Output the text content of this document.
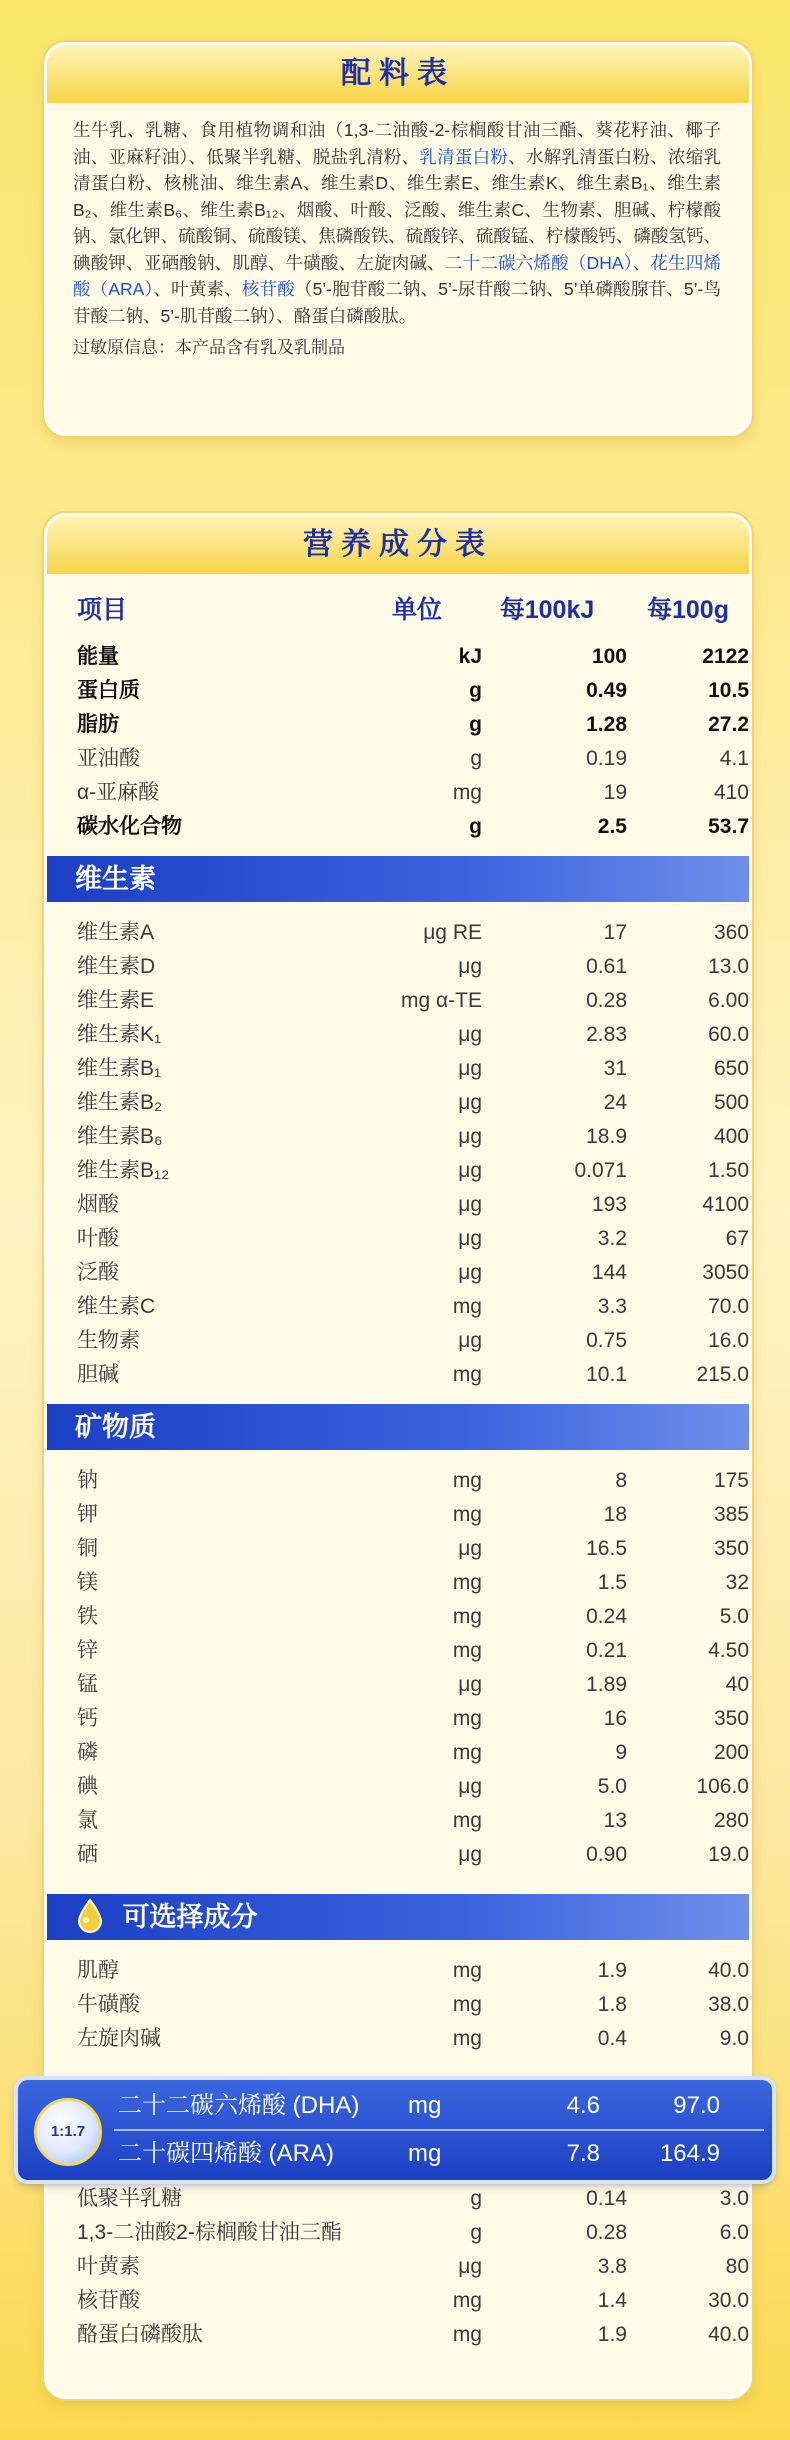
配料表
生牛乳、乳糖、食用植物调和油（1,3-二油酸-2-棕榈酸甘油三酯、葵花籽油、椰子油、亚麻籽油）、低聚半乳糖、脱盐乳清粉、乳清蛋白粉、水解乳清蛋白粉、浓缩乳清蛋白粉、核桃油、维生素A、维生素D、维生素E、维生素K、维生素B₁、维生素B₂、维生素B₆、维生素B₁₂、烟酸、叶酸、泛酸、维生素C、生物素、胆碱、柠檬酸钠、氯化钾、硫酸铜、硫酸镁、焦磷酸铁、硫酸锌、硫酸锰、柠檬酸钙、磷酸氢钙、碘酸钾、亚硒酸钠、肌醇、牛磺酸、左旋肉碱、二十二碳六烯酸（DHA）、花生四烯酸（ARA）、叶黄素、核苷酸（5’-胞苷酸二钠、5’-尿苷酸二钠、5’单磷酸腺苷、5’-鸟苷酸二钠、5’-肌苷酸二钠）、酪蛋白磷酸肽。
过敏原信息：本产品含有乳及乳制品
营养成分表
项目	单位	每100kJ	每100g
能量	kJ	100	2122
蛋白质	g	0.49	10.5
脂肪	g	1.28	27.2
亚油酸	g	0.19	4.1
α-亚麻酸	mg	19	410
碳水化合物	g	2.5	53.7
维生素
维生素A	μg RE	17	360
维生素D	μg	0.61	13.0
维生素E	mg α-TE	0.28	6.00
维生素K₁	μg	2.83	60.0
维生素B₁	μg	31	650
维生素B₂	μg	24	500
维生素B₆	μg	18.9	400
维生素B₁₂	μg	0.071	1.50
烟酸	μg	193	4100
叶酸	μg	3.2	67
泛酸	μg	144	3050
维生素C	mg	3.3	70.0
生物素	μg	0.75	16.0
胆碱	mg	10.1	215.0
矿物质
钠	mg	8	175
钾	mg	18	385
铜	μg	16.5	350
镁	mg	1.5	32
铁	mg	0.24	5.0
锌	mg	0.21	4.50
锰	μg	1.89	40
钙	mg	16	350
磷	mg	9	200
碘	μg	5.0	106.0
氯	mg	13	280
硒	μg	0.90	19.0
可选择成分
肌醇	mg	1.9	40.0
牛磺酸	mg	1.8	38.0
左旋肉碱	mg	0.4	9.0
低聚半乳糖	g	0.14	3.0
1,3-二油酸2-棕榈酸甘油三酯	g	0.28	6.0
叶黄素	μg	3.8	80
核苷酸	mg	1.4	30.0
酪蛋白磷酸肽	mg	1.9	40.0
1:1.7
二十二碳六烯酸 (DHA) mg	4.6	97.0
二十碳四烯酸 (ARA)	mg	7.8	164.9
